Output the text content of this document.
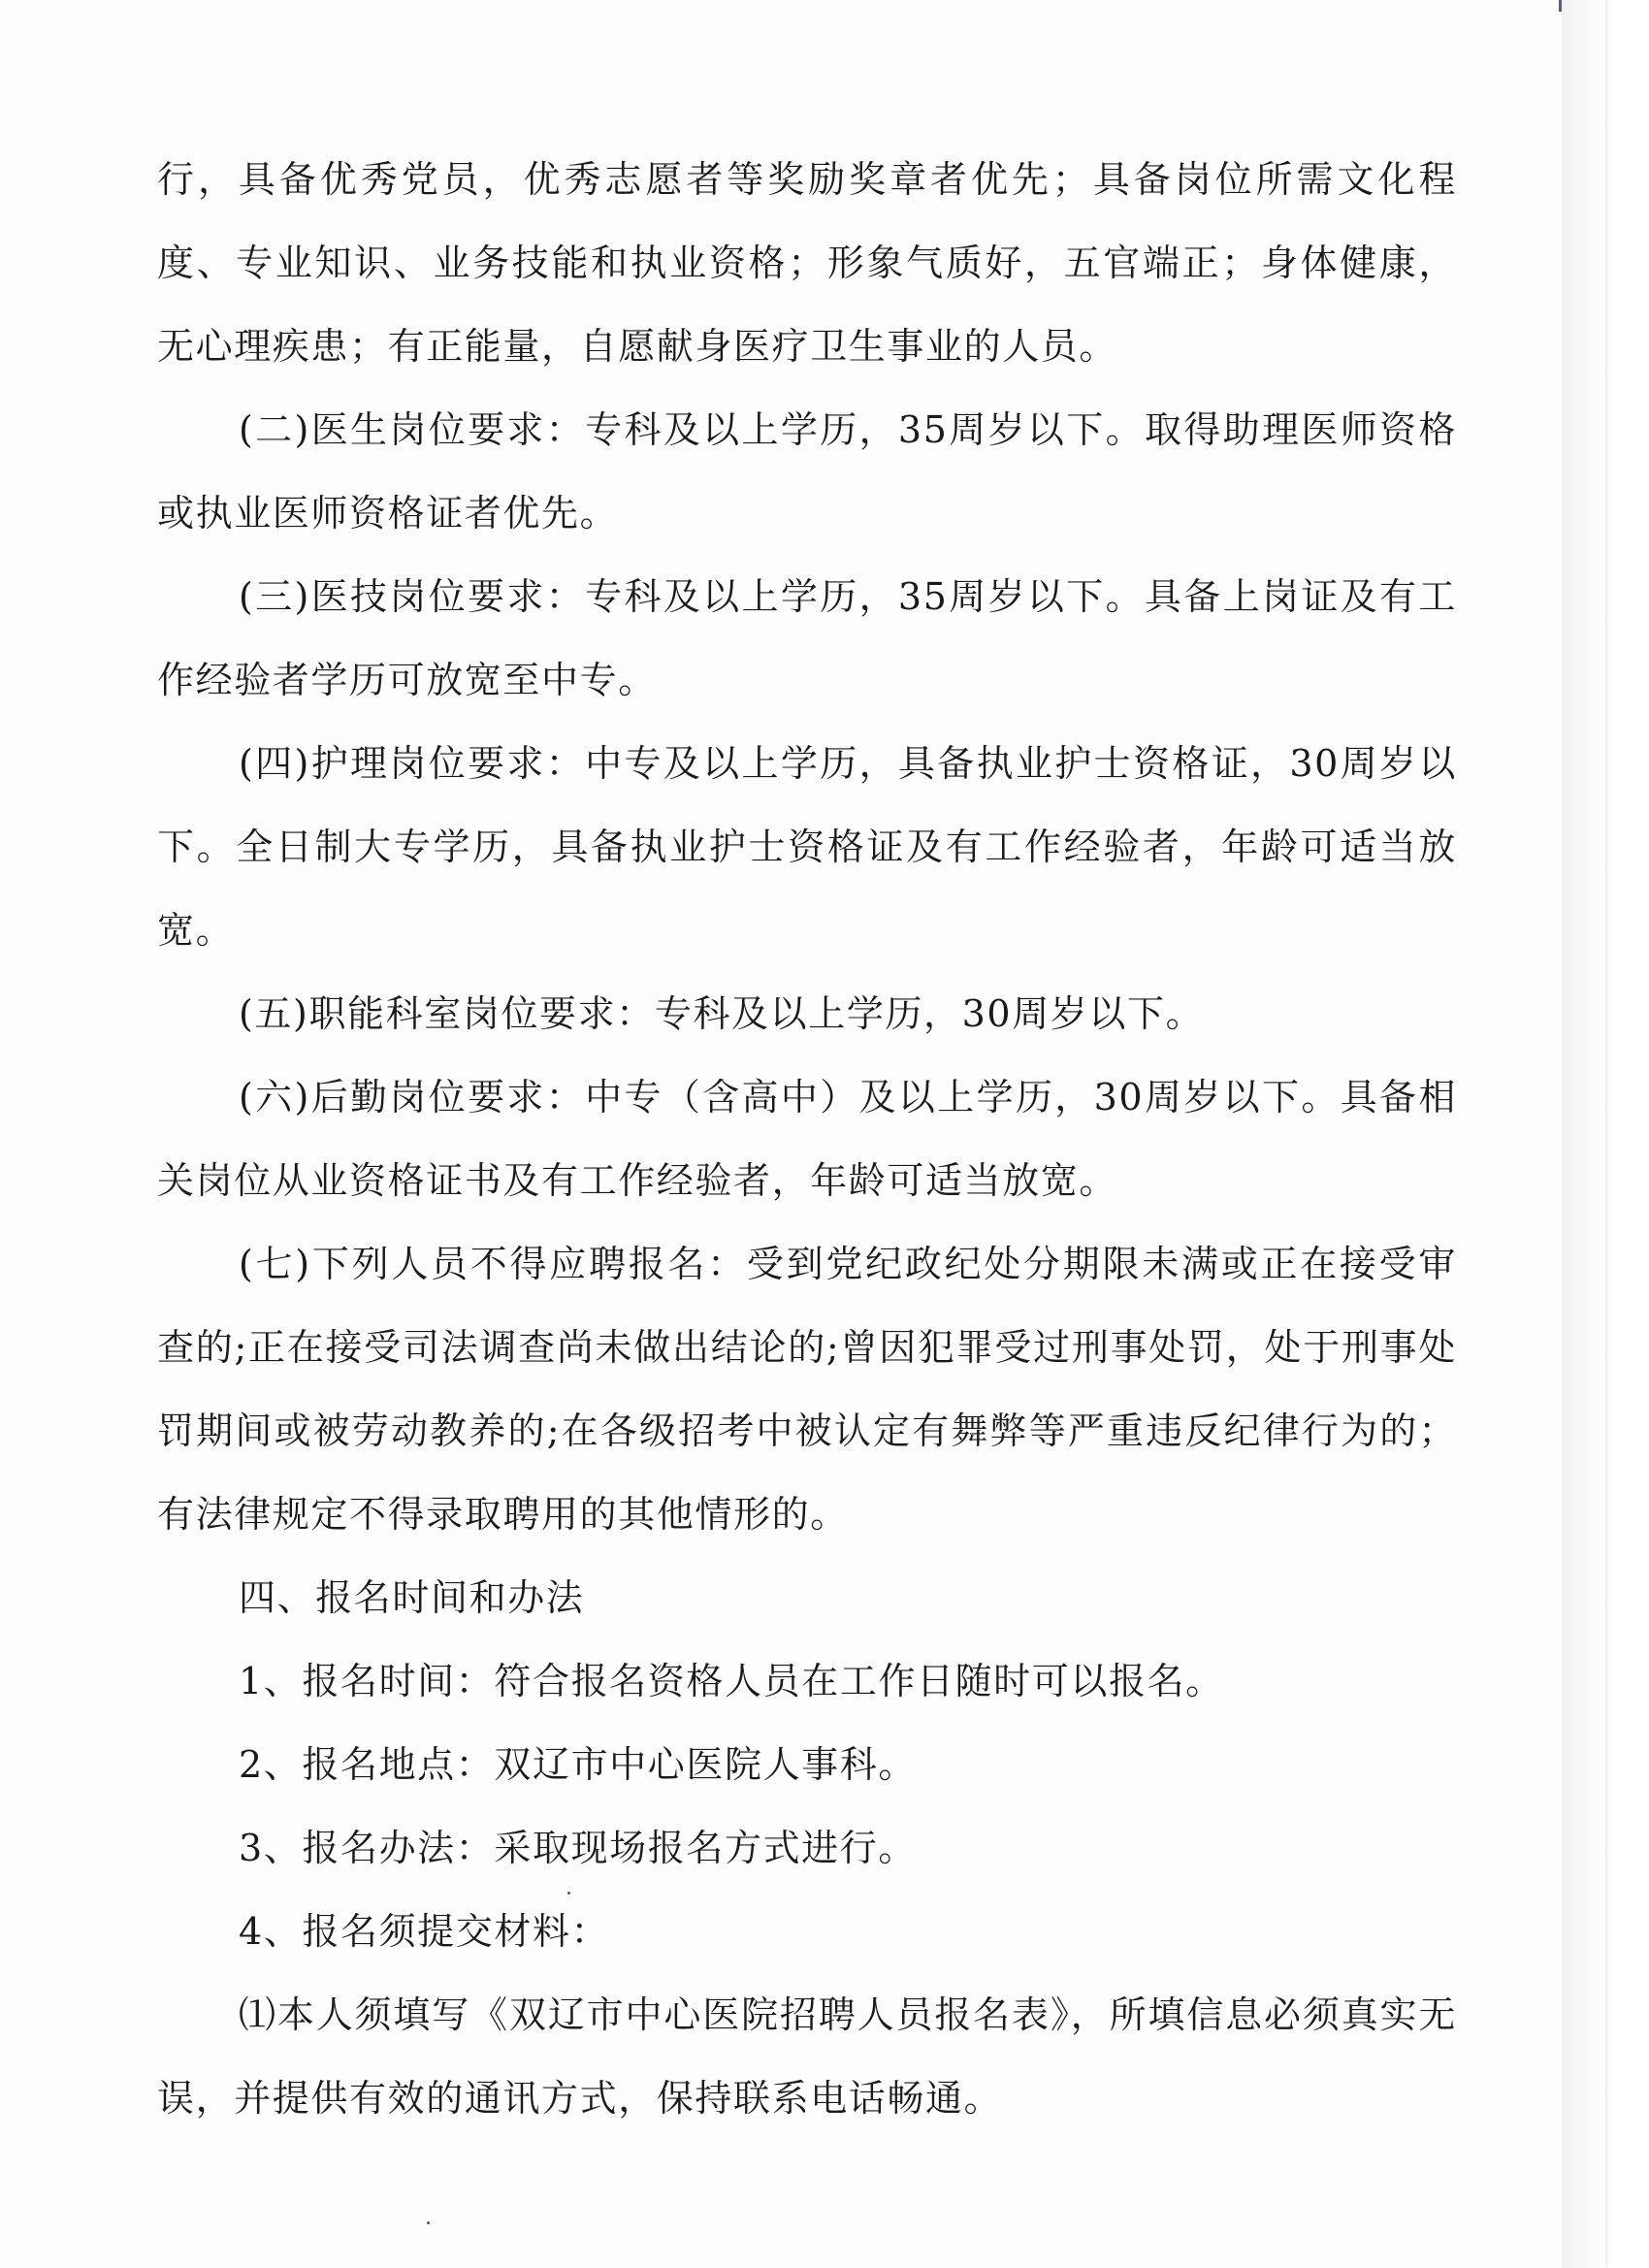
行，具备优秀党员，优秀志愿者等奖励奖章者优先；具备岗位所需文化程度、专业知识、业务技能和执业资格；形象气质好，五官端正；身体健康，无心理疾患；有正能量，自愿献身医疗卫生事业的人员。

(二)医生岗位要求：专科及以上学历，35周岁以下。取得助理医师资格或执业医师资格证者优先。

(三)医技岗位要求：专科及以上学历，35周岁以下。具备上岗证及有工作经验者学历可放宽至中专。

(四)护理岗位要求：中专及以上学历，具备执业护士资格证，30周岁以下。全日制大专学历，具备执业护士资格证及有工作经验者，年龄可适当放宽。

(五)职能科室岗位要求：专科及以上学历，30周岁以下。

(六)后勤岗位要求：中专（含高中）及以上学历，30周岁以下。具备相关岗位从业资格证书及有工作经验者，年龄可适当放宽。

(七)下列人员不得应聘报名：受到党纪政纪处分期限未满或正在接受审查的;正在接受司法调查尚未做出结论的;曾因犯罪受过刑事处罚，处于刑事处罚期间或被劳动教养的;在各级招考中被认定有舞弊等严重违反纪律行为的；有法律规定不得录取聘用的其他情形的。

四、报名时间和办法

1、报名时间：符合报名资格人员在工作日随时可以报名。

2、报名地点：双辽市中心医院人事科。

3、报名办法：采取现场报名方式进行。

4、报名须提交材料：

⑴本人须填写《双辽市中心医院招聘人员报名表》，所填信息必须真实无误，并提供有效的通讯方式，保持联系电话畅通。
